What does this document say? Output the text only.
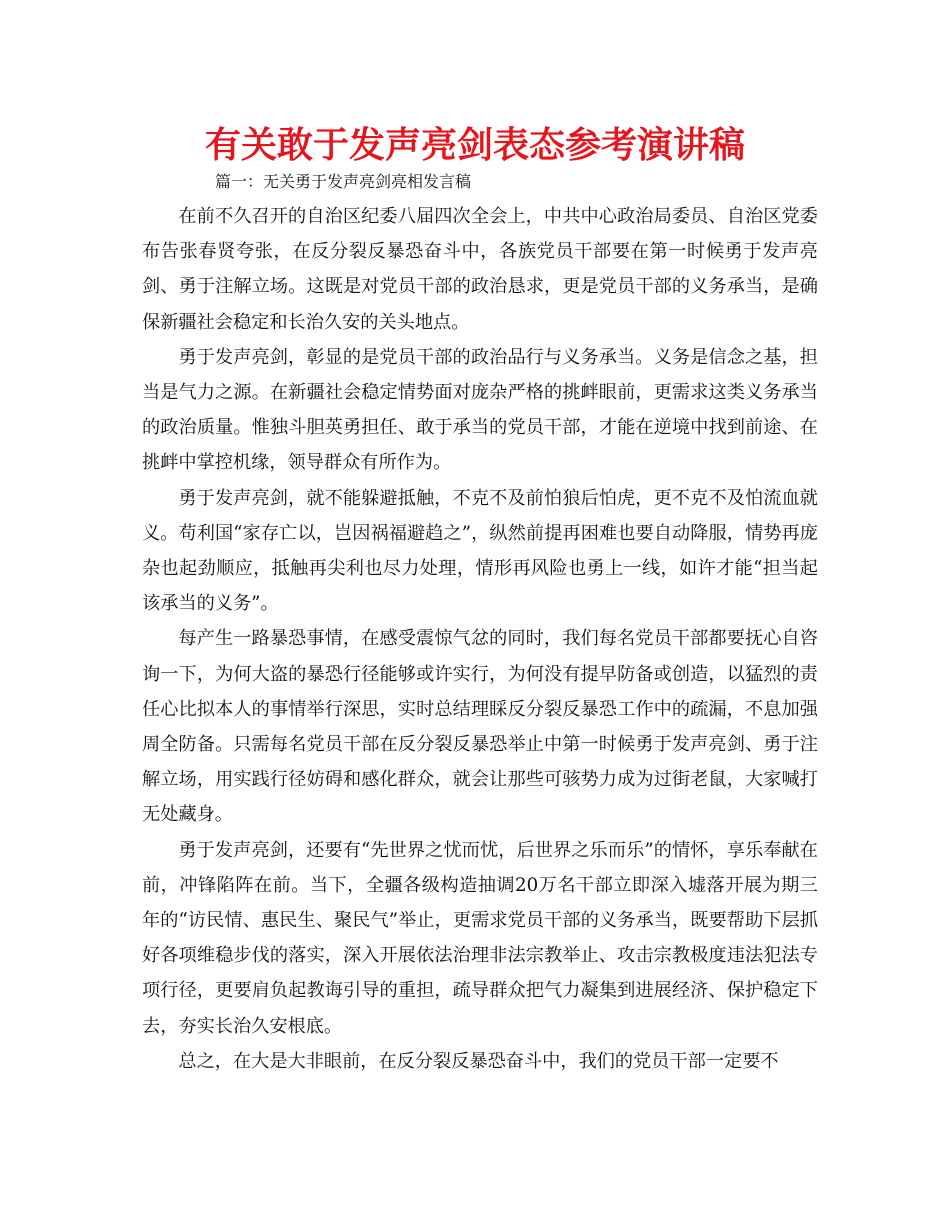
有关敢于发声亮剑表态参考演讲稿
篇一：无关勇于发声亮剑亮相发言稿

在前不久召开的自治区纪委八届四次全会上，中共中心政治局委员、自治区党委布告张春贤夸张，在反分裂反暴恐奋斗中，各族党员干部要在第一时候勇于发声亮剑、勇于注解立场。这既是对党员干部的政治恳求，更是党员干部的义务承当，是确保新疆社会稳定和长治久安的关头地点。

勇于发声亮剑，彰显的是党员干部的政治品行与义务承当。义务是信念之基，担当是气力之源。在新疆社会稳定情势面对庞杂严格的挑衅眼前，更需求这类义务承当的政治质量。惟独斗胆英勇担任、敢于承当的党员干部，才能在逆境中找到前途、在挑衅中掌控机缘，领导群众有所作为。

勇于发声亮剑，就不能躲避抵触，不克不及前怕狼后怕虎，更不克不及怕流血就义。苟利国“家存亡以，岂因祸福避趋之”，纵然前提再困难也要自动降服，情势再庞杂也起劲顺应，抵触再尖利也尽力处理，情形再风险也勇上一线，如许才能“担当起该承当的义务”。

每产生一路暴恐事情，在感受震惊气忿的同时，我们每名党员干部都要抚心自咨询一下，为何大盗的暴恐行径能够或许实行，为何没有提早防备或创造，以猛烈的责任心比拟本人的事情举行深思，实时总结理睬反分裂反暴恐工作中的疏漏，不息加强周全防备。只需每名党员干部在反分裂反暴恐举止中第一时候勇于发声亮剑、勇于注解立场，用实践行径妨碍和感化群众，就会让那些可骇势力成为过街老鼠，大家喊打无处藏身。

勇于发声亮剑，还要有“先世界之忧而忧，后世界之乐而乐”的情怀，享乐奉献在前，冲锋陷阵在前。当下，全疆各级构造抽调20万名干部立即深入墟落开展为期三年的“访民情、惠民生、聚民气”举止，更需求党员干部的义务承当，既要帮助下层抓好各项维稳步伐的落实，深入开展依法治理非法宗教举止、攻击宗教极度违法犯法专项行径，更要肩负起教诲引导的重担，疏导群众把气力凝集到进展经济、保护稳定下去，夯实长治久安根底。

总之，在大是大非眼前，在反分裂反暴恐奋斗中，我们的党员干部一定要不
